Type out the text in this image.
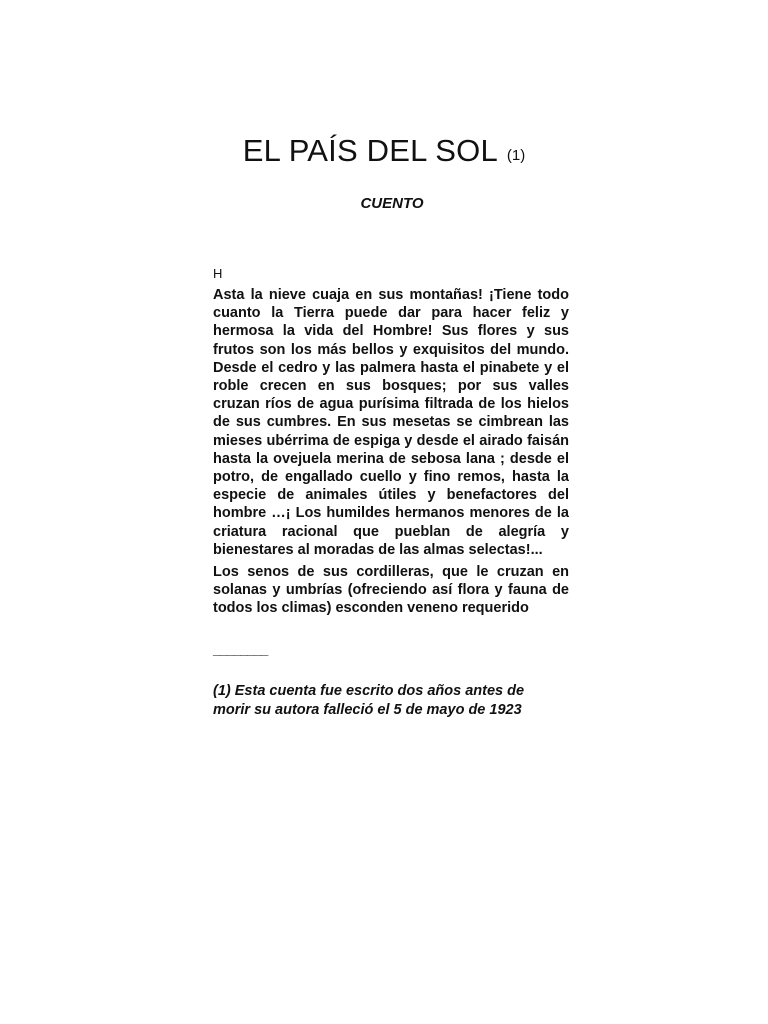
EL PAÍS DEL SOL (1)
CUENTO
H

Asta la nieve cuaja en sus montañas! ¡Tiene todo cuanto la Tierra puede dar para hacer feliz y hermosa la vida del Hombre! Sus flores y sus frutos son los más bellos y exquisitos del mundo. Desde el cedro y las palmera hasta el pinabete y el roble crecen en sus bosques; por sus valles cruzan ríos de agua purísima filtrada de los hielos de sus cumbres. En sus mesetas se cimbrean las mieses ubérrima de espiga y desde el airado faisán hasta la ovejuela merina de sebosa lana ; desde el potro, de engallado cuello y fino remos, hasta la especie de animales útiles y benefactores del hombre …¡ Los humildes hermanos menores de la criatura racional que pueblan de alegría y bienestares al moradas de las almas selectas!...

Los senos de sus cordilleras, que le cruzan en solanas y umbrías (ofreciendo así flora y fauna de todos los climas) esconden veneno requerido

________
(1) Esta cuenta fue escrito dos años antes de morir su autora falleció el 5 de mayo de 1923
